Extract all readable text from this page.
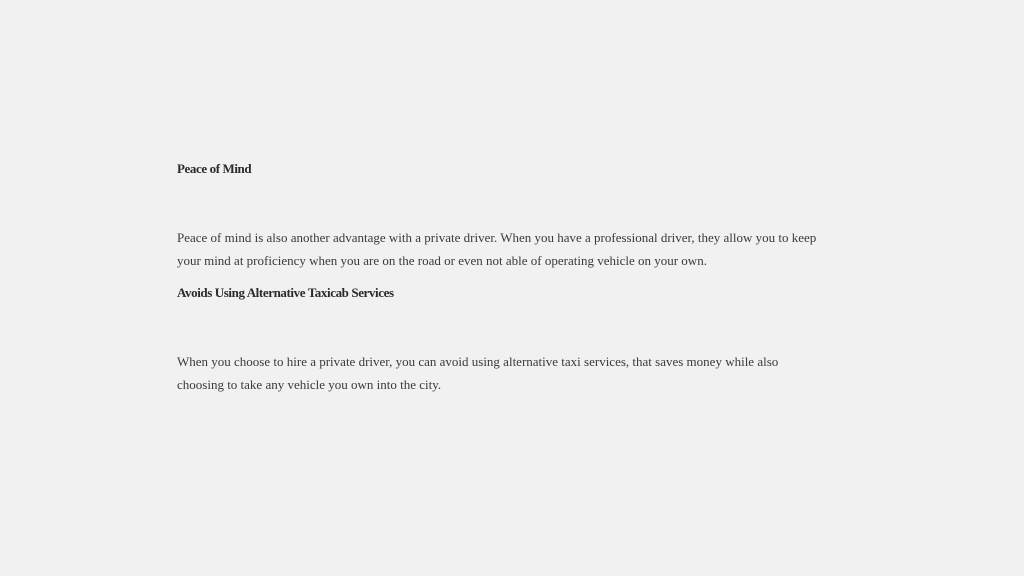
Peace of Mind

Peace of mind is also another advantage with a private driver. When you have a professional driver, they allow you to keep your mind at proficiency when you are on the road or even not able of operating vehicle on your own.

Avoids Using Alternative Taxicab Services

When you choose to hire a private driver, you can avoid using alternative taxi services, that saves money while also choosing to take any vehicle you own into the city.
